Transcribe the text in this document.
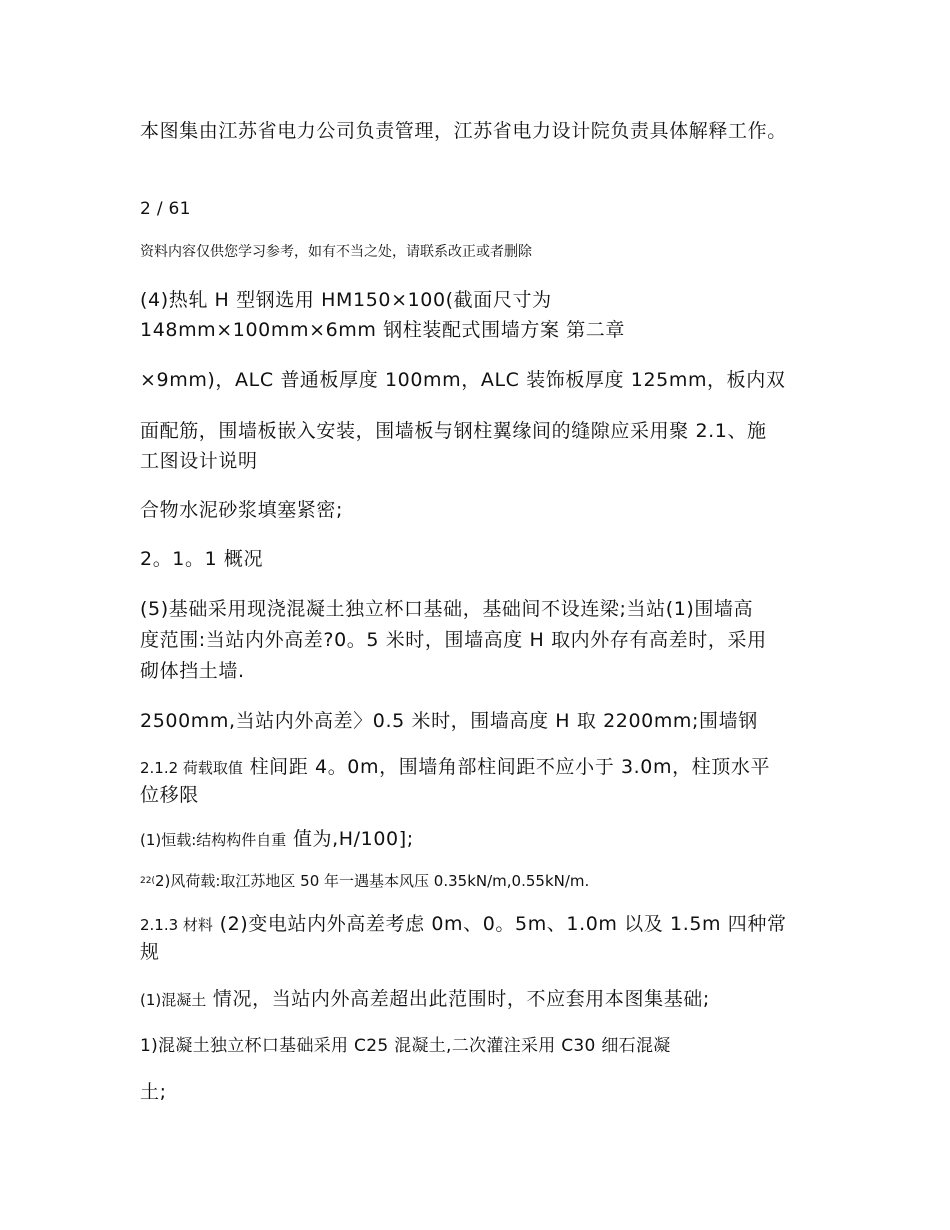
本图集由江苏省电力公司负责管理，江苏省电力设计院负责具体解释工作。
2 / 61
资料内容仅供您学习参考，如有不当之处，请联系改正或者删除
(4)热轧 H 型钢选用 HM150×100(截面尺寸为
148mm×100mm×6mm 钢柱装配式围墙方案 第二章
×9mm)，ALC 普通板厚度 100mm，ALC 装饰板厚度 125mm，板内双
面配筋，围墙板嵌入安装，围墙板与钢柱翼缘间的缝隙应采用聚 2.1、施
工图设计说明
合物水泥砂浆填塞紧密;
2。1。1 概况
(5)基础采用现浇混凝土独立杯口基础，基础间不设连梁;当站(1)围墙高
度范围:当站内外高差?0。5 米时，围墙高度 H 取内外存有高差时，采用
砌体挡土墙.
2500mm,当站内外高差〉0.5 米时，围墙高度 H 取 2200mm;围墙钢
2.1.2 荷载取值 柱间距 4。0m，围墙角部柱间距不应小于 3.0m，柱顶水平
位移限
(1)恒载:结构构件自重 值为,H/100];
22(2)风荷载:取江苏地区 50 年一遇基本风压 0.35kN/m,0.55kN/m.
2.1.3 材料 (2)变电站内外高差考虑 0m、0。5m、1.0m 以及 1.5m 四种常
规
(1)混凝土 情况，当站内外高差超出此范围时，不应套用本图集基础;
1)混凝土独立杯口基础采用 C25 混凝土,二次灌注采用 C30 细石混凝
土;
